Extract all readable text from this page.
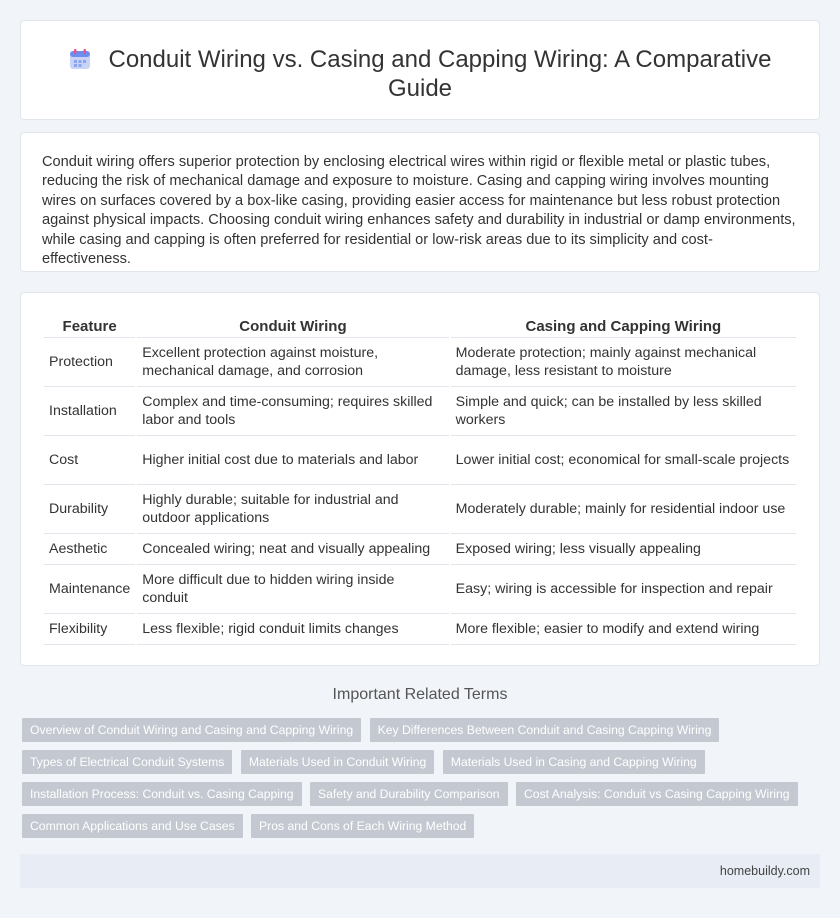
Conduit Wiring vs. Casing and Capping Wiring: A Comparative Guide
Conduit wiring offers superior protection by enclosing electrical wires within rigid or flexible metal or plastic tubes, reducing the risk of mechanical damage and exposure to moisture. Casing and capping wiring involves mounting wires on surfaces covered by a box-like casing, providing easier access for maintenance but less robust protection against physical impacts. Choosing conduit wiring enhances safety and durability in industrial or damp environments, while casing and capping is often preferred for residential or low-risk areas due to its simplicity and cost-effectiveness.
Feature	Conduit Wiring	Casing and Capping Wiring
Protection	Excellent protection against moisture, mechanical damage, and corrosion	Moderate protection; mainly against mechanical damage, less resistant to moisture
Installation	Complex and time-consuming; requires skilled labor and tools	Simple and quick; can be installed by less skilled workers
Cost	Higher initial cost due to materials and labor	Lower initial cost; economical for small-scale projects
Durability	Highly durable; suitable for industrial and outdoor applications	Moderately durable; mainly for residential indoor use
Aesthetic	Concealed wiring; neat and visually appealing	Exposed wiring; less visually appealing
Maintenance	More difficult due to hidden wiring inside conduit	Easy; wiring is accessible for inspection and repair
Flexibility	Less flexible; rigid conduit limits changes	More flexible; easier to modify and extend wiring
Important Related Terms
Overview of Conduit Wiring and Casing and Capping Wiring Key Differences Between Conduit and Casing Capping Wiring Types of Electrical Conduit Systems Materials Used in Conduit Wiring Materials Used in Casing and Capping Wiring Installation Process: Conduit vs. Casing Capping Safety and Durability Comparison Cost Analysis: Conduit vs Casing Capping Wiring Common Applications and Use Cases Pros and Cons of Each Wiring Method
homebuildy.com
